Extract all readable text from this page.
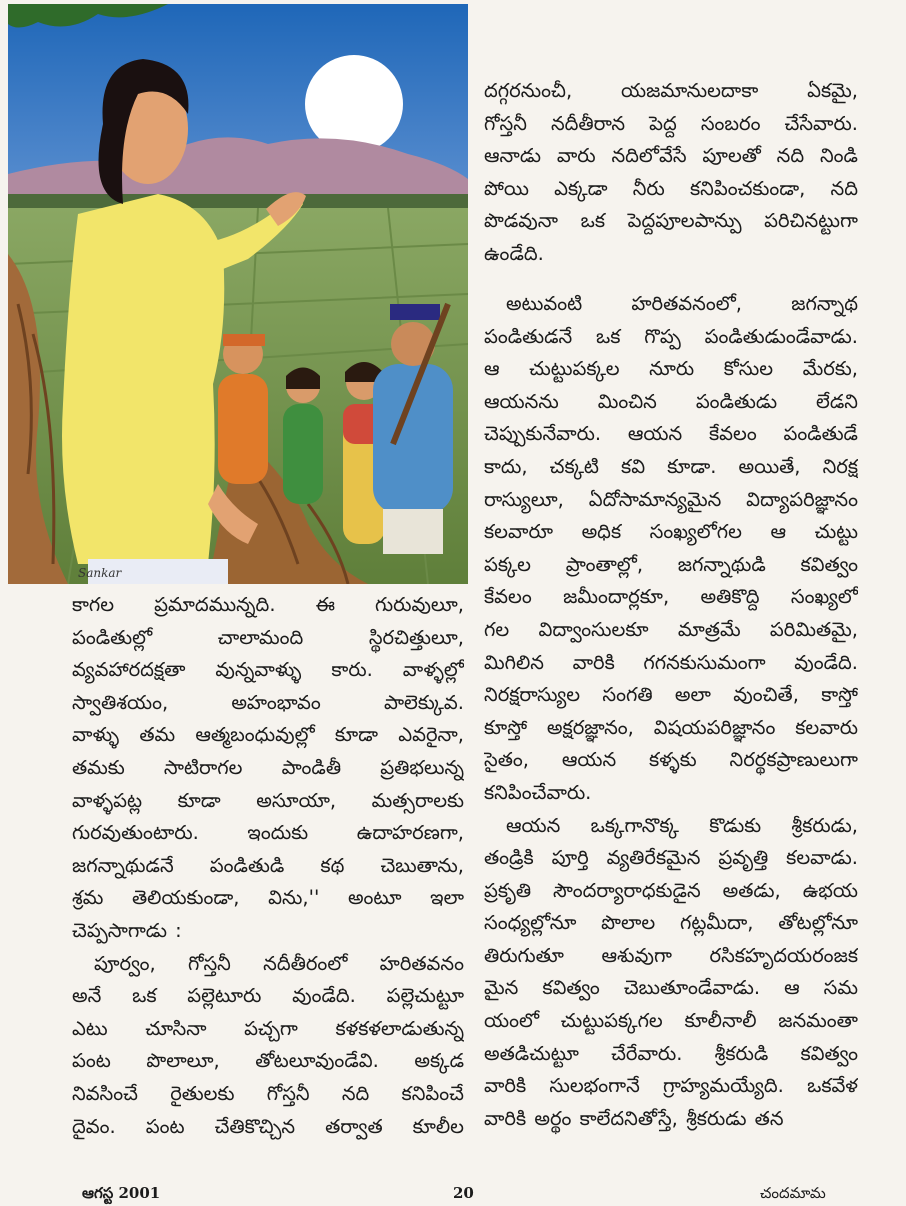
Sankar
దగ్గరనుంచీ, యజమానులదాకా ఏకమై,
గోస్తనీ నదీతీరాన పెద్ద సంబరం చేసేవారు.
ఆనాడు వారు నదిలోవేసే పూలతో నది నిండి
పోయి ఎక్కడా నీరు కనిపించకుండా, నది
పొడవునా ఒక పెద్దపూలపాన్పు పరిచినట్టుగా
ఉండేది.
అటువంటి హరితవనంలో, జగన్నాథ
పండితుడనే ఒక గొప్ప పండితుడుండేవాడు.
ఆ చుట్టుపక్కల నూరు కోసుల మేరకు,
ఆయనను మించిన పండితుడు లేడని
చెప్పుకునేవారు. ఆయన కేవలం పండితుడే
కాదు, చక్కటి కవి కూడా. అయితే, నిరక్ష
రాస్యులూ, ఏదోసామాన్యమైన విద్యాపరిజ్ఞానం
కలవారూ అధిక సంఖ్యలోగల ఆ చుట్టు
పక్కల ప్రాంతాల్లో, జగన్నాథుడి కవిత్వం
కేవలం జమీందార్లకూ, అతికొద్ది సంఖ్యలో
గల విద్వాంసులకూ మాత్రమే పరిమితమై,
మిగిలిన వారికి గగనకుసుమంగా వుండేది.
నిరక్షరాస్యుల సంగతి అలా వుంచితే, కాస్తో
కూస్తో అక్షరజ్ఞానం, విషయపరిజ్ఞానం కలవారు
సైతం, ఆయన కళ్ళకు నిరర్థకప్రాణులుగా
కనిపించేవారు.
ఆయన ఒక్కగానొక్క కొడుకు శ్రీకరుడు,
తండ్రికి పూర్తి వ్యతిరేకమైన ప్రవృత్తి కలవాడు.
ప్రకృతి సౌందర్యారాధకుడైన అతడు, ఉభయ
సంధ్యల్లోనూ పొలాల గట్లమీదా, తోటల్లోనూ
తిరుగుతూ ఆశువుగా రసికహృదయరంజక
మైన కవిత్వం చెబుతూండేవాడు. ఆ సమ
యంలో చుట్టుపక్కగల కూలీనాలీ జనమంతా
అతడిచుట్టూ చేరేవారు. శ్రీకరుడి కవిత్వం
వారికి సులభంగానే గ్రాహ్యమయ్యేది. ఒకవేళ
వారికి అర్థం కాలేదనితోస్తే, శ్రీకరుడు తన
కాగల ప్రమాదమున్నది. ఈ గురువులూ,
పండితుల్లో చాలామంది స్థిరచిత్తులూ,
వ్యవహారదక్షతా వున్నవాళ్ళు కారు. వాళ్ళల్లో
స్వాతిశయం, అహంభావం పాలెక్కువ.
వాళ్ళు తమ ఆత్మబంధువుల్లో కూడా ఎవరైనా,
తమకు సాటిరాగల పాండితీ ప్రతిభలున్న
వాళ్ళపట్ల కూడా అసూయా, మత్సరాలకు
గురవుతుంటారు. ఇందుకు ఉదాహరణగా,
జగన్నాథుడనే పండితుడి కథ చెబుతాను,
శ్రమ తెలియకుండా, విను,'' అంటూ ఇలా
చెప్పసాగాడు :
పూర్వం, గోస్తనీ నదీతీరంలో హరితవనం
అనే ఒక పల్లెటూరు వుండేది. పల్లెచుట్టూ
ఎటు చూసినా పచ్చగా కళకళలాడుతున్న
పంట పొలాలూ, తోటలూవుండేవి. అక్కడ
నివసించే రైతులకు గోస్తనీ నది కనిపించే
దైవం. పంట చేతికొచ్చిన తర్వాత కూలీల
ఆగస్ట 2001	20	చందమామ
